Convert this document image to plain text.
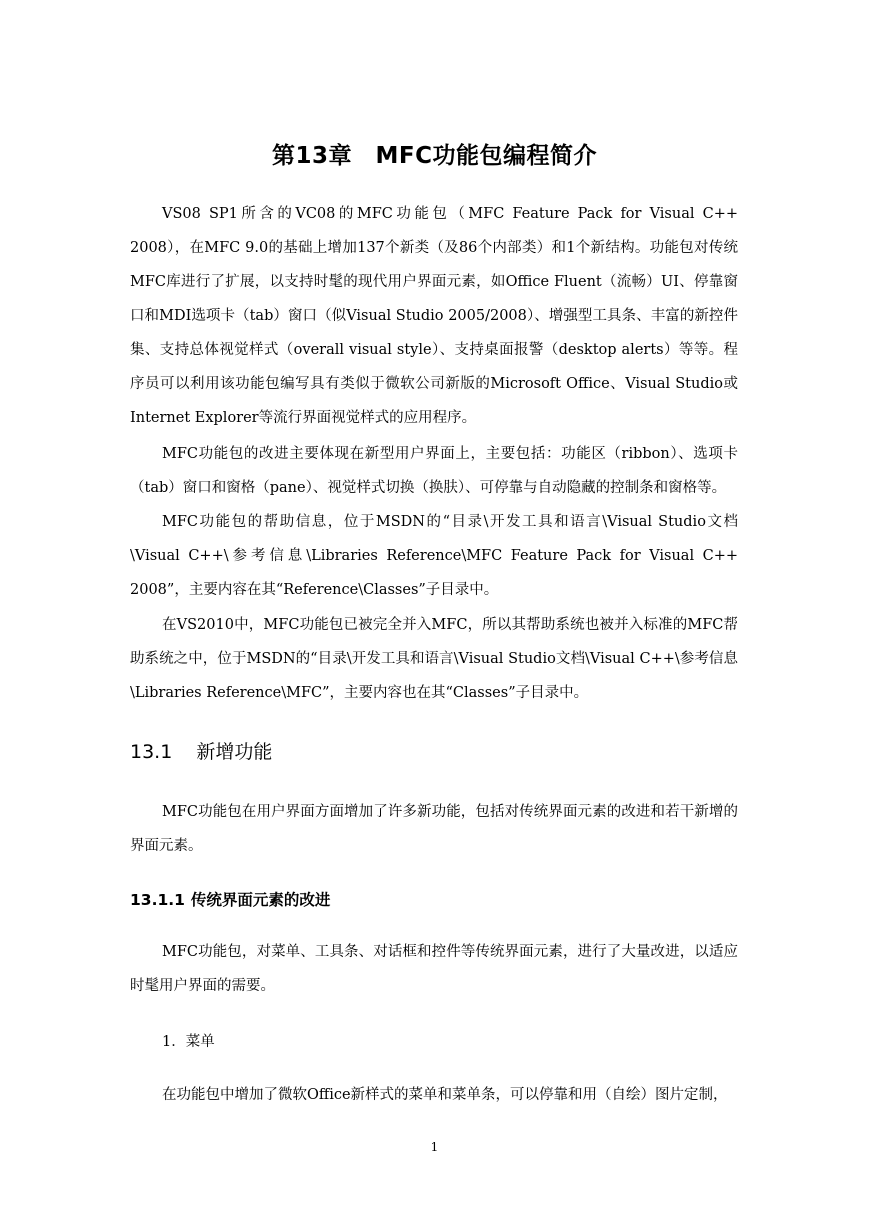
第13章　MFC功能包编程简介

VS08 SP1所含的VC08的MFC功能包（MFC Feature Pack for Visual C++ 2008），在MFC 9.0的基础上增加137个新类（及86个内部类）和1个新结构。功能包对传统MFC库进行了扩展，以支持时髦的现代用户界面元素，如Office Fluent（流畅）UI、停靠窗口和MDI选项卡（tab）窗口（似Visual Studio 2005/2008）、增强型工具条、丰富的新控件集、支持总体视觉样式（overall visual style）、支持桌面报警（desktop alerts）等等。程序员可以利用该功能包编写具有类似于微软公司新版的Microsoft Office、Visual Studio或Internet Explorer等流行界面视觉样式的应用程序。

MFC功能包的改进主要体现在新型用户界面上，主要包括：功能区（ribbon）、选项卡（tab）窗口和窗格（pane）、视觉样式切换（换肤）、可停靠与自动隐藏的控制条和窗格等。

MFC功能包的帮助信息，位于MSDN的“目录\开发工具和语言\Visual Studio文档\Visual C++\参考信息\Libraries Reference\MFC Feature Pack for Visual C++ 2008”，主要内容在其“Reference\Classes”子目录中。

在VS2010中，MFC功能包已被完全并入MFC，所以其帮助系统也被并入标准的MFC帮助系统之中，位于MSDN的“目录\开发工具和语言\Visual Studio文档\Visual C++\参考信息\Libraries Reference\MFC”，主要内容也在其“Classes”子目录中。

13.1 新增功能

MFC功能包在用户界面方面增加了许多新功能，包括对传统界面元素的改进和若干新增的界面元素。

13.1.1 传统界面元素的改进

MFC功能包，对菜单、工具条、对话框和控件等传统界面元素，进行了大量改进，以适应时髦用户界面的需要。

1．菜单

在功能包中增加了微软Office新样式的菜单和菜单条，可以停靠和用（自绘）图片定制，

1
